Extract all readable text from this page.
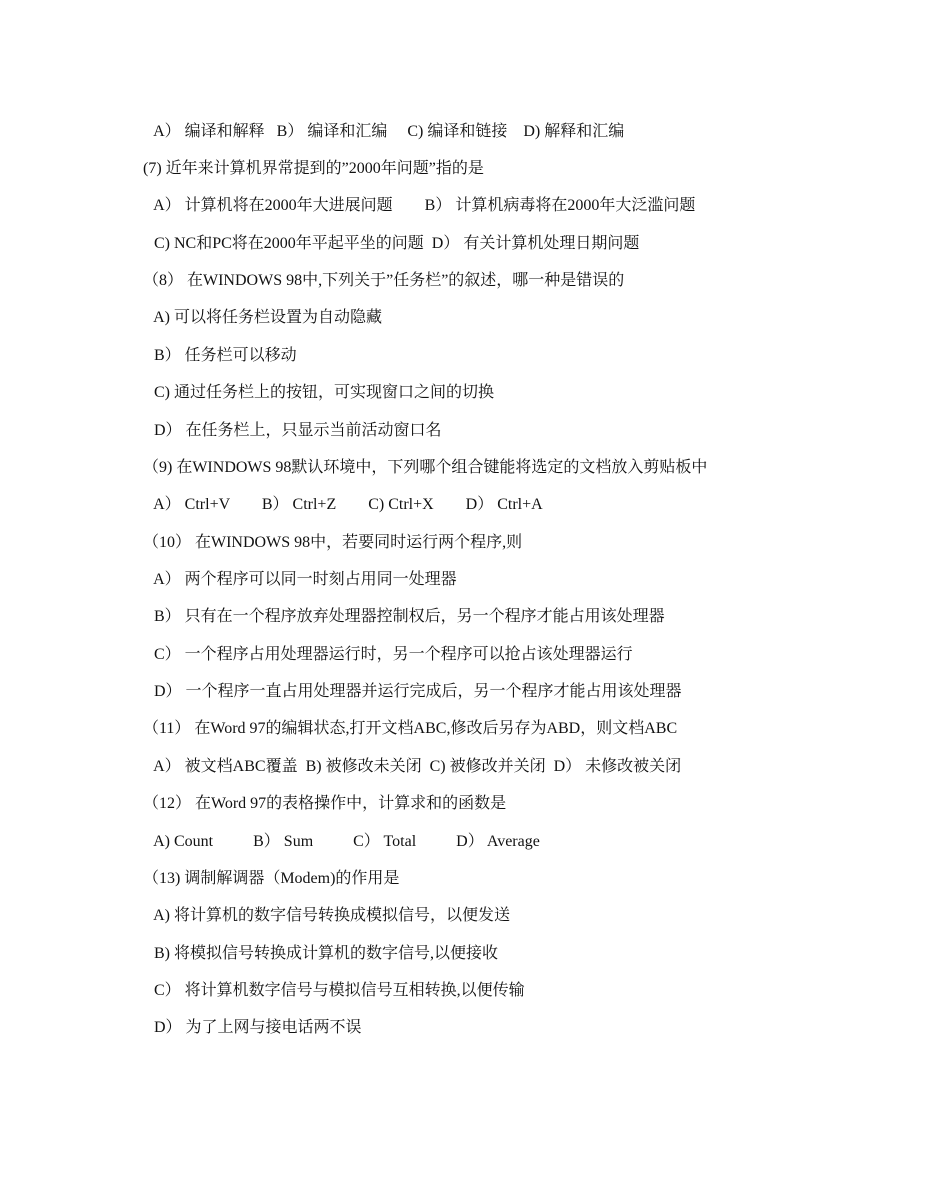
A） 编译和解释   B） 编译和汇编     C) 编译和链接    D) 解释和汇编
(7) 近年来计算机界常提到的”2000年问题”指的是
A） 计算机将在2000年大进展问题        B） 计算机病毒将在2000年大泛滥问题
C) NC和PC将在2000年平起平坐的问题  D） 有关计算机处理日期问题
（8） 在WINDOWS 98中,下列关于”任务栏”的叙述，哪一种是错误的
A) 可以将任务栏设置为自动隐藏
B） 任务栏可以移动
C) 通过任务栏上的按钮，可实现窗口之间的切换
D） 在任务栏上，只显示当前活动窗口名
（9) 在WINDOWS 98默认环境中，下列哪个组合键能将选定的文档放入剪贴板中
A） Ctrl+V        B） Ctrl+Z        C) Ctrl+X        D） Ctrl+A
（10） 在WINDOWS 98中，若要同时运行两个程序,则
A） 两个程序可以同一时刻占用同一处理器
B） 只有在一个程序放弃处理器控制权后，另一个程序才能占用该处理器
C） 一个程序占用处理器运行时，另一个程序可以抢占该处理器运行
D） 一个程序一直占用处理器并运行完成后，另一个程序才能占用该处理器
（11） 在Word 97的编辑状态,打开文档ABC,修改后另存为ABD，则文档ABC
A） 被文档ABC覆盖  B) 被修改未关闭  C) 被修改并关闭  D） 未修改被关闭
（12） 在Word 97的表格操作中，计算求和的函数是
A) Count          B） Sum          C） Total          D） Average
（13) 调制解调器（Modem)的作用是
A) 将计算机的数字信号转换成模拟信号，以便发送
B) 将模拟信号转换成计算机的数字信号,以便接收
C） 将计算机数字信号与模拟信号互相转换,以便传输
D） 为了上网与接电话两不误
